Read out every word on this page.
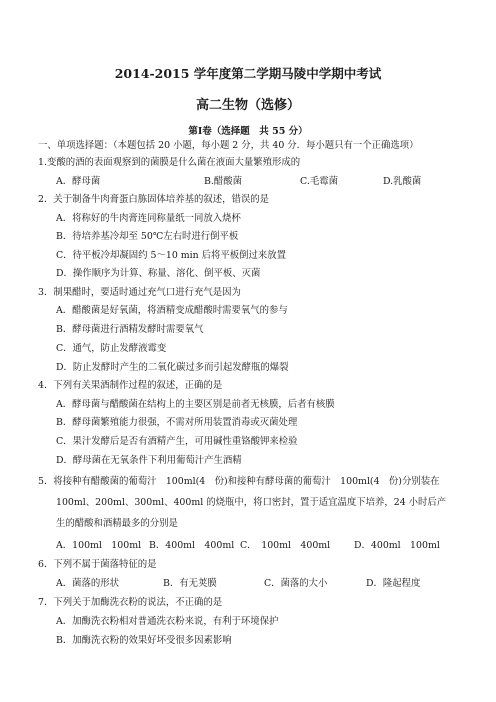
2014-2015 学年度第二学期马陵中学期中考试
高二生物（选修）
第Ⅰ卷（选择题　共 55 分）
一、单项选择题：（本题包括 20 小题，每小题 2 分，共 40 分．每小题只有一个正确选项）
1.变酸的酒的表面观察到的菌膜是什么菌在液面大量繁殖形成的
A．酵母菌	B.醋酸菌	C.毛霉菌	D.乳酸菌
2．关于制备牛肉膏蛋白胨固体培养基的叙述，错误的是
A．将称好的牛肉膏连同称量纸一同放入烧杯
B．待培养基冷却至 50℃左右时进行倒平板
C．待平板冷却凝固约 5～10 min 后将平板倒过来放置
D．操作顺序为计算、称量、溶化、倒平板、灭菌
3．制果醋时，要适时通过充气口进行充气是因为
A．醋酸菌是好氧菌，将酒精变成醋酸时需要氧气的参与
B．酵母菌进行酒精发酵时需要氧气
C．通气，防止发酵液霉变
D．防止发酵时产生的二氧化碳过多而引起发酵瓶的爆裂
4．下列有关果酒制作过程的叙述，正确的是
A．酵母菌与醋酸菌在结构上的主要区别是前者无核膜，后者有核膜
B．酵母菌繁殖能力很强，不需对所用装置消毒或灭菌处理
C．果汁发酵后是否有酒精产生，可用碱性重铬酸钾来检验
D．酵母菌在无氧条件下利用葡萄汁产生酒精
5．将接种有醋酸菌的葡萄汁　100ml(4　份)和接种有酵母菌的葡萄汁　100ml(4　份)分别装在
100ml、200ml、300ml、400ml 的烧瓶中，将口密封，置于适宜温度下培养，24 小时后产
生的醋酸和酒精最多的分别是
A．100ml　100ml B．400ml　400ml C．　100ml　400ml	D．400ml　100ml
6．下列不属于菌落特征的是
A．菌落的形状	B．有无荚膜	C．菌落的大小	D．隆起程度
7．下列关于加酶洗衣粉的说法，不正确的是
A．加酶洗衣粉相对普通洗衣粉来说，有利于环境保护
B．加酶洗衣粉的效果好坏受很多因素影响
